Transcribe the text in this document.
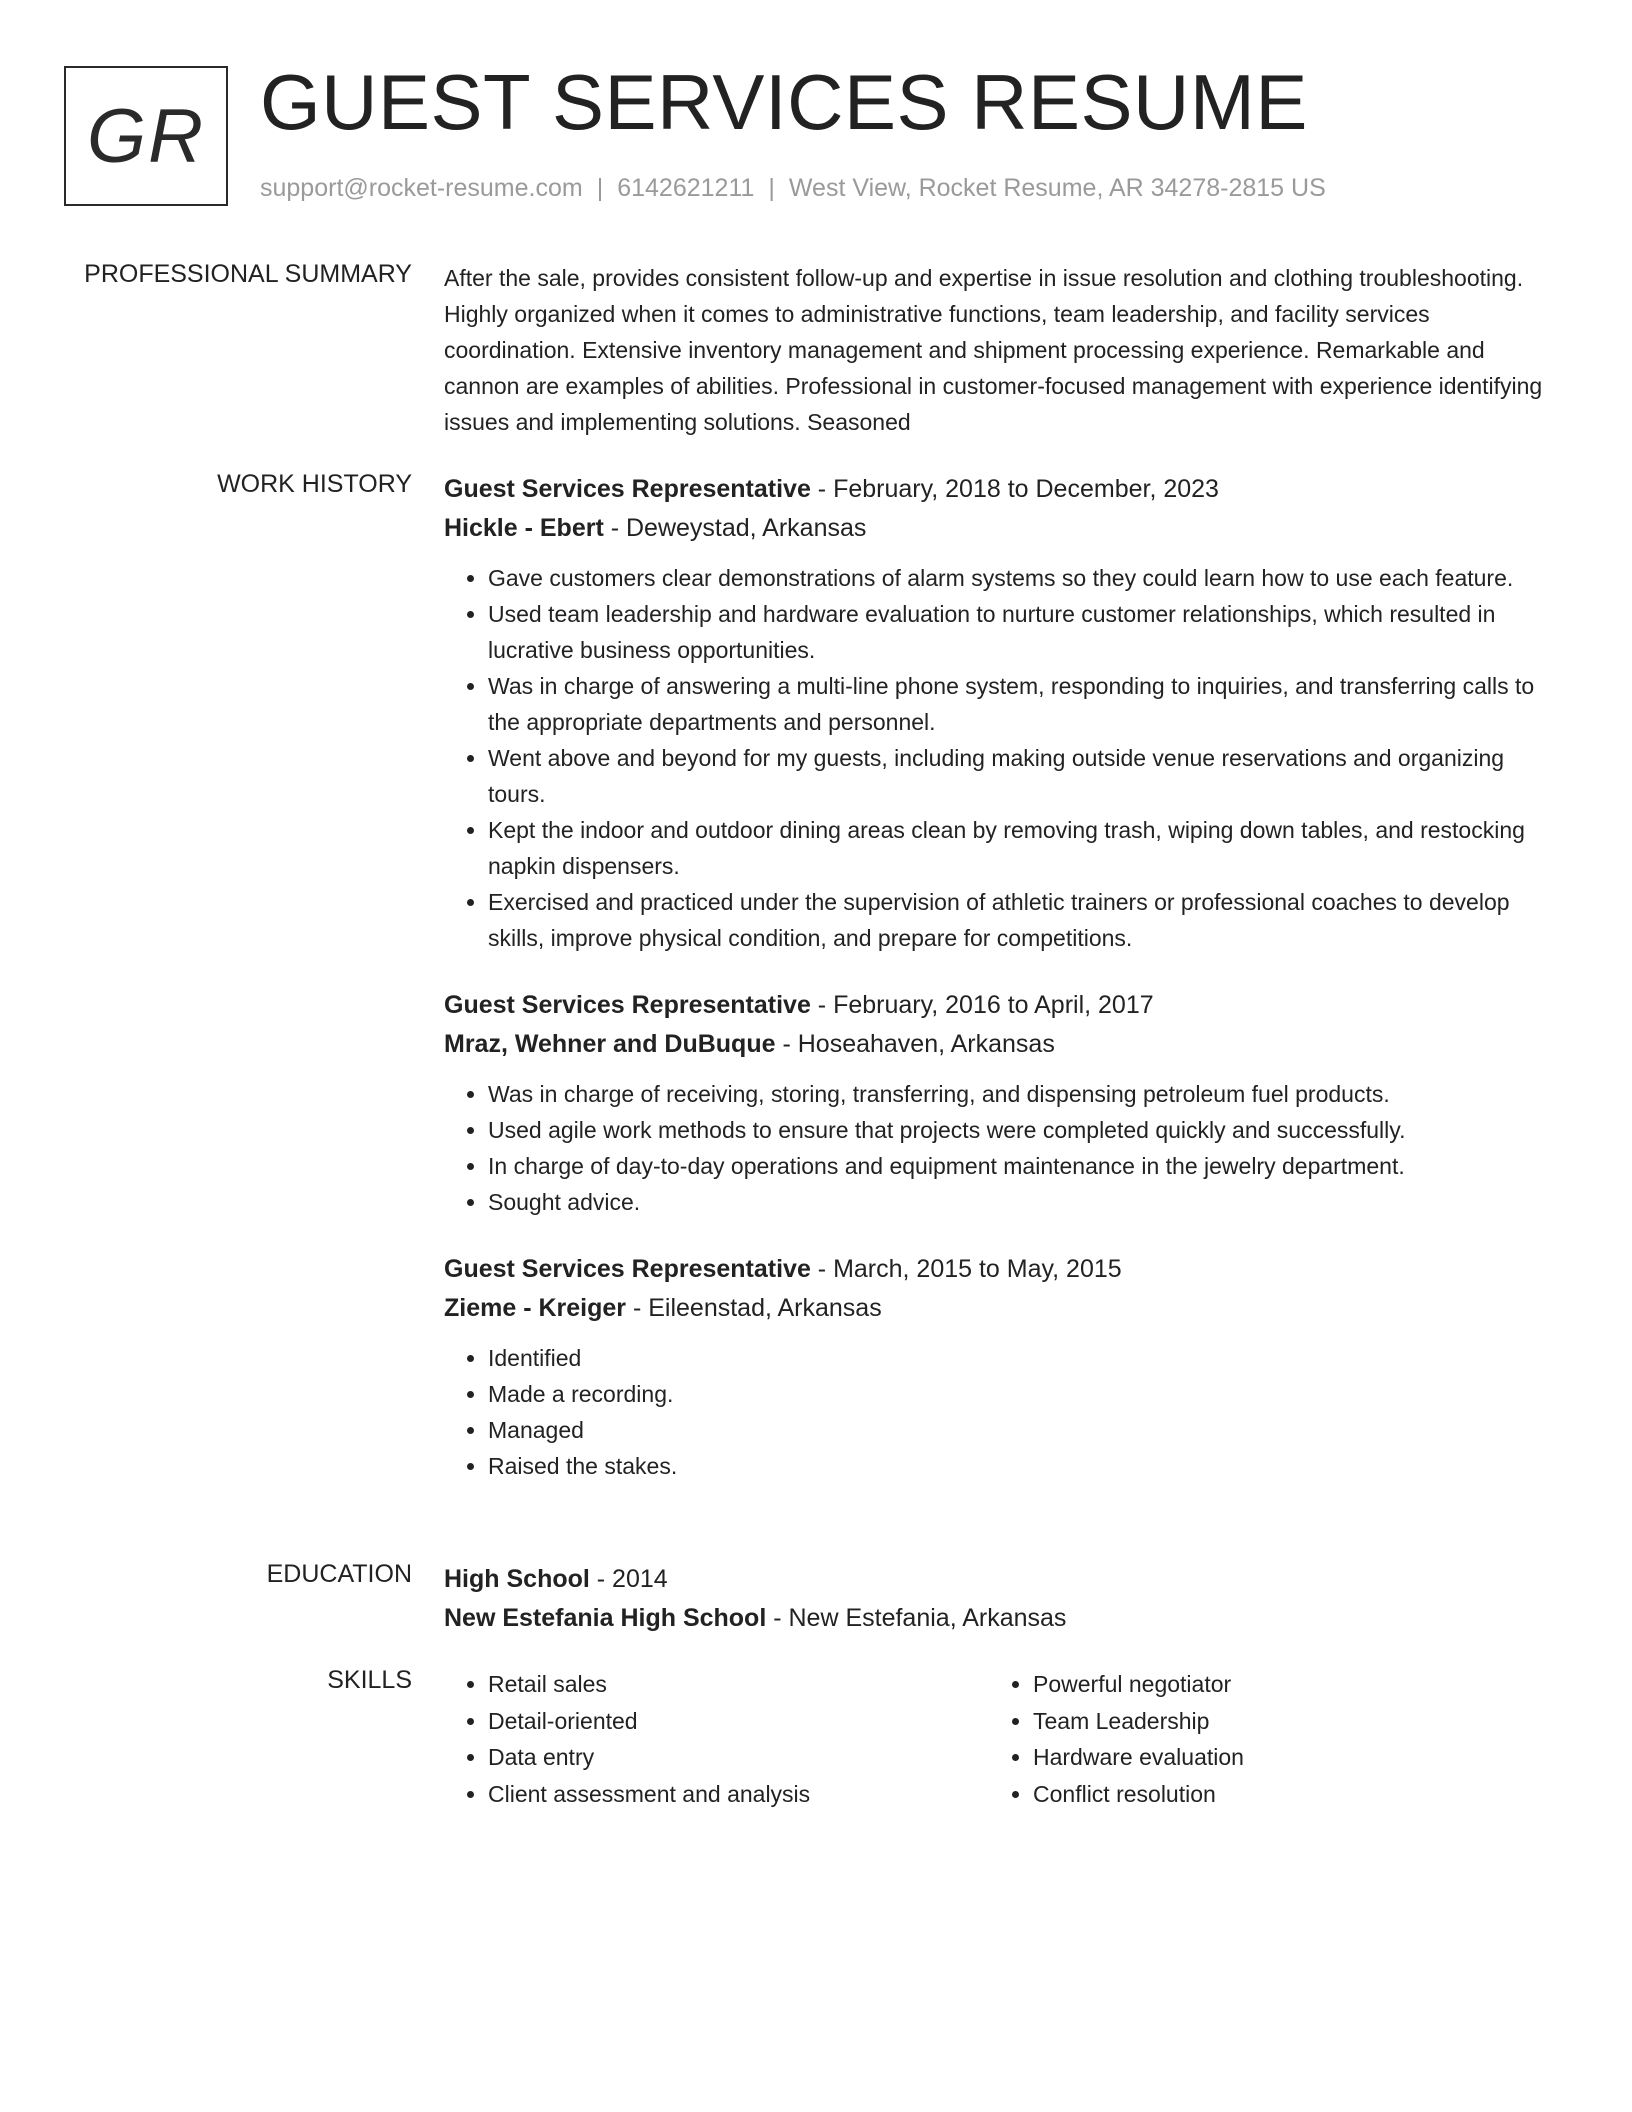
GR GUEST SERVICES RESUME
support@rocket-resume.com | 6142621211 | West View, Rocket Resume, AR 34278-2815 US
PROFESSIONAL SUMMARY After the sale, provides consistent follow-up and expertise in issue resolution and clothing troubleshooting. Highly organized when it comes to administrative functions, team leadership, and facility services coordination. Extensive inventory management and shipment processing experience. Remarkable and cannon are examples of abilities. Professional in customer-focused management with experience identifying issues and implementing solutions. Seasoned

WORK HISTORY Guest Services Representative - February, 2018 to December, 2023
Hickle - Ebert - Deweystad, Arkansas
• Gave customers clear demonstrations of alarm systems so they could learn how to use each feature.
• Used team leadership and hardware evaluation to nurture customer relationships, which resulted in lucrative business opportunities.
• Was in charge of answering a multi-line phone system, responding to inquiries, and transferring calls to the appropriate departments and personnel.
• Went above and beyond for my guests, including making outside venue reservations and organizing tours.
• Kept the indoor and outdoor dining areas clean by removing trash, wiping down tables, and restocking napkin dispensers.
• Exercised and practiced under the supervision of athletic trainers or professional coaches to develop skills, improve physical condition, and prepare for competitions.
Guest Services Representative - February, 2016 to April, 2017
Mraz, Wehner and DuBuque - Hoseahaven, Arkansas
• Was in charge of receiving, storing, transferring, and dispensing petroleum fuel products.
• Used agile work methods to ensure that projects were completed quickly and successfully.
• In charge of day-to-day operations and equipment maintenance in the jewelry department.
• Sought advice.
Guest Services Representative - March, 2015 to May, 2015
Zieme - Kreiger - Eileenstad, Arkansas
• Identified
• Made a recording.
• Managed
• Raised the stakes.
EDUCATION High School - 2014
New Estefania High School - New Estefania, Arkansas
SKILLS
•	Retail sales
• Detail-oriented
• Data entry
• Client assessment and analysis
• Powerful negotiator
• Team Leadership
• Hardware evaluation
• Conflict resolution
